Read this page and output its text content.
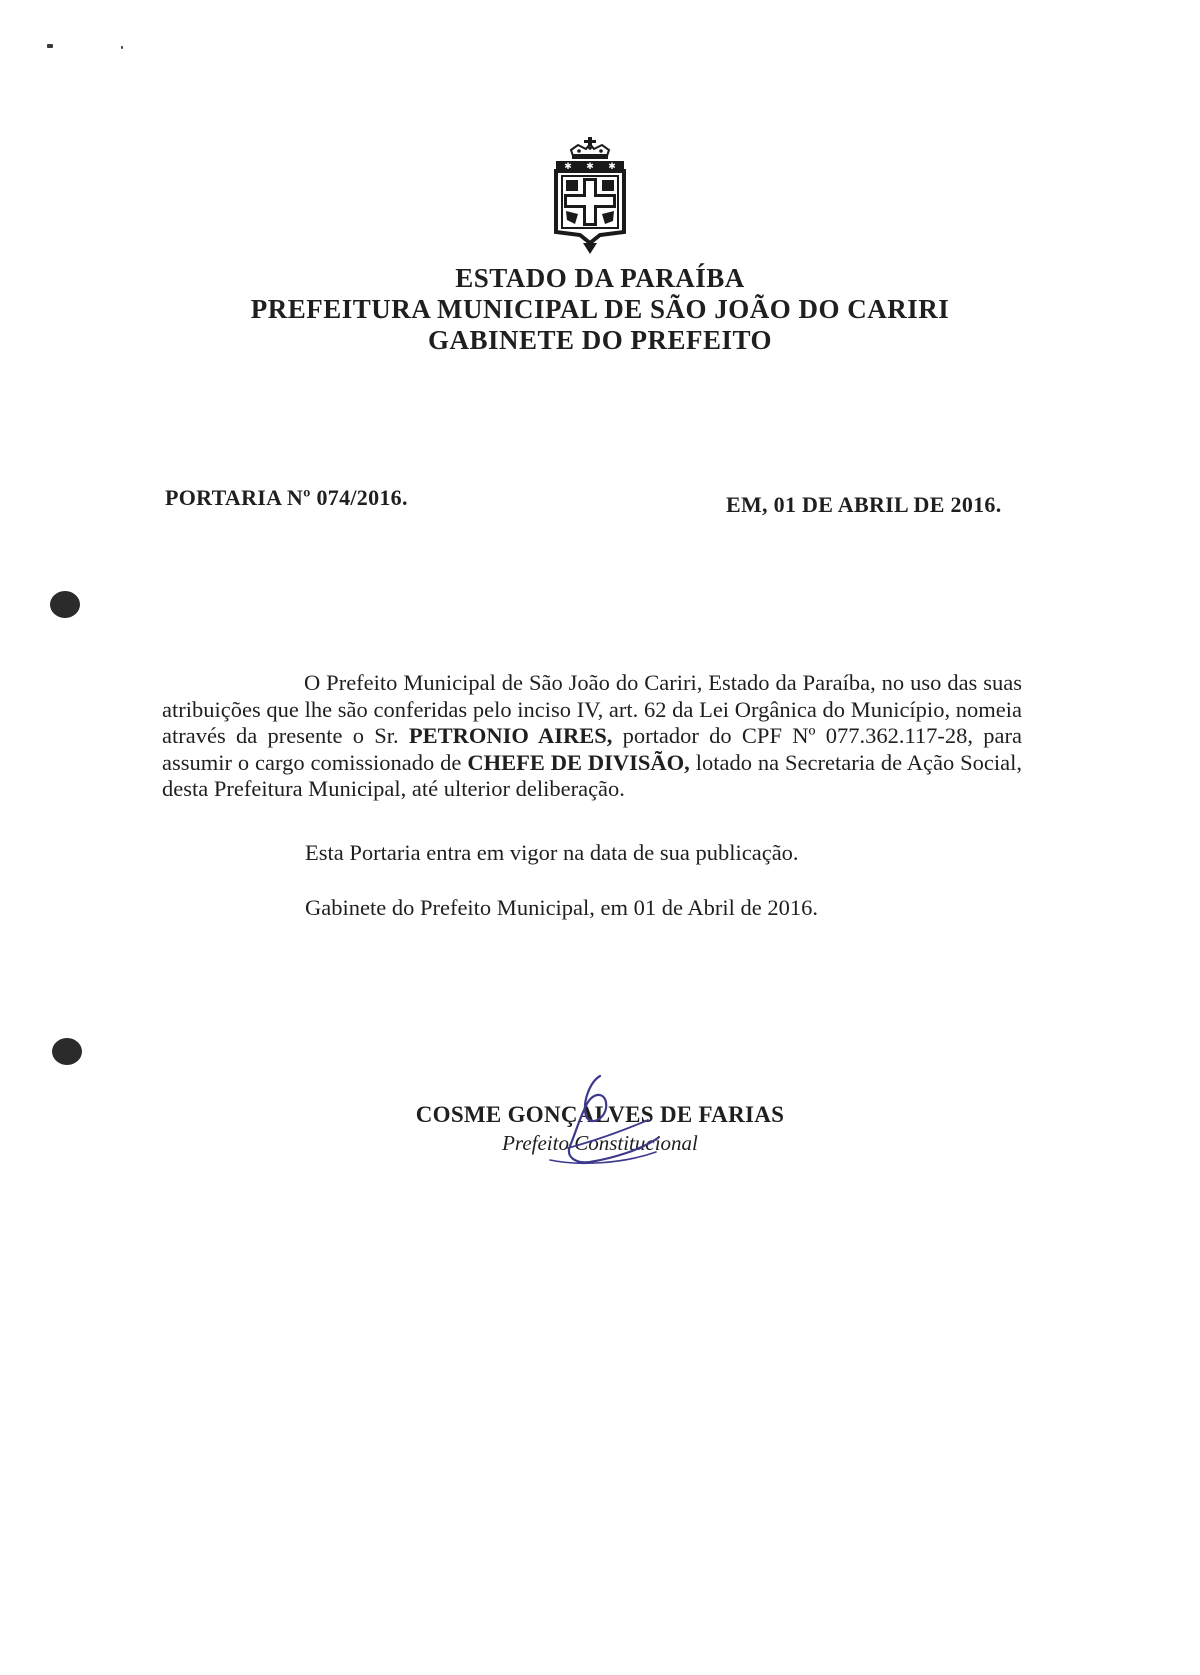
✱ ✱ ✱
ESTADO DA PARAÍBA
PREFEITURA MUNICIPAL DE SÃO JOÃO DO CARIRI
GABINETE DO PREFEITO
PORTARIA Nº 074/2016.	EM, 01 DE ABRIL DE 2016.
O Prefeito Municipal de São João do Cariri, Estado da Paraíba, no uso das suas atribuições que lhe são conferidas pelo inciso IV, art. 62 da Lei Orgânica do Município, nomeia através da presente o Sr. PETRONIO AIRES, portador do CPF Nº 077.362.117-28, para assumir o cargo comissionado de CHEFE DE DIVISÃO, lotado na Secretaria de Ação Social, desta Prefeitura Municipal, até ulterior deliberação.
Esta Portaria entra em vigor na data de sua publicação.
Gabinete do Prefeito Municipal, em 01 de Abril de 2016.
COSME GONÇALVES DE FARIAS
Prefeito Constitucional
